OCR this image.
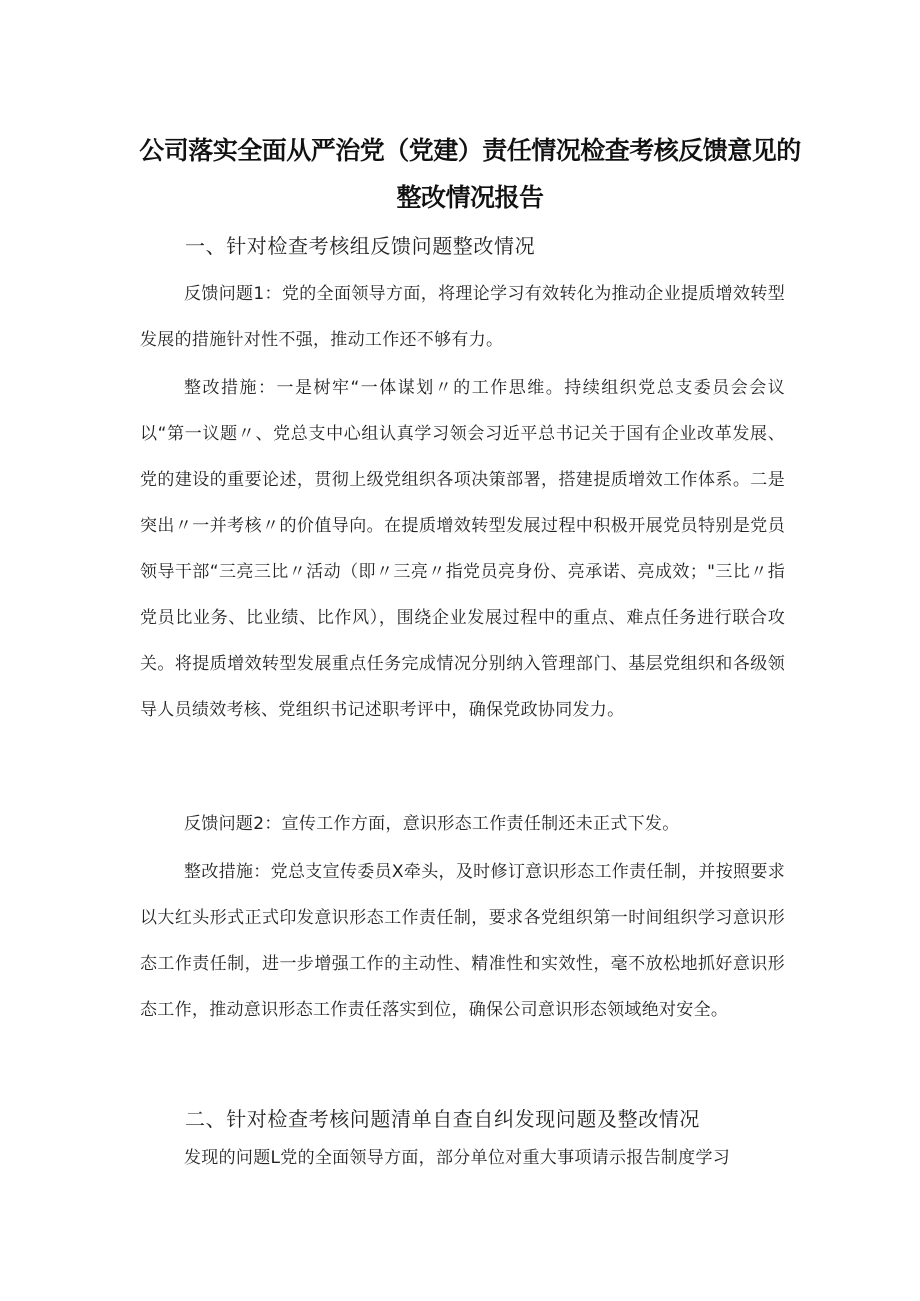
公司落实全面从严治党（党建）责任情况检查考核反馈意见的
整改情况报告
一、针对检查考核组反馈问题整改情况
反馈问题1：党的全面领导方面，将理论学习有效转化为推动企业提质增效转型发展的措施针对性不强，推动工作还不够有力。
整改措施：一是树牢“一体谋划〃的工作思维。持续组织党总支委员会会议以“第一议题〃、党总支中心组认真学习领会习近平总书记关于国有企业改革发展、党的建设的重要论述，贯彻上级党组织各项决策部署，搭建提质增效工作体系。二是突出〃一并考核〃的价值导向。在提质增效转型发展过程中积极开展党员特别是党员领导干部“三亮三比〃活动（即〃三亮〃指党员亮身份、亮承诺、亮成效；"三比〃指党员比业务、比业绩、比作风），围绕企业发展过程中的重点、难点任务进行联合攻关。将提质增效转型发展重点任务完成情况分别纳入管理部门、基层党组织和各级领导人员绩效考核、党组织书记述职考评中，确保党政协同发力。
反馈问题2：宣传工作方面，意识形态工作责任制还未正式下发。
整改措施：党总支宣传委员X牵头，及时修订意识形态工作责任制，并按照要求以大红头形式正式印发意识形态工作责任制，要求各党组织第一时间组织学习意识形态工作责任制，进一步增强工作的主动性、精准性和实效性，毫不放松地抓好意识形态工作，推动意识形态工作责任落实到位，确保公司意识形态领域绝对安全。
二、针对检查考核问题清单自查自纠发现问题及整改情况
发现的问题L党的全面领导方面，部分单位对重大事项请示报告制度学习
